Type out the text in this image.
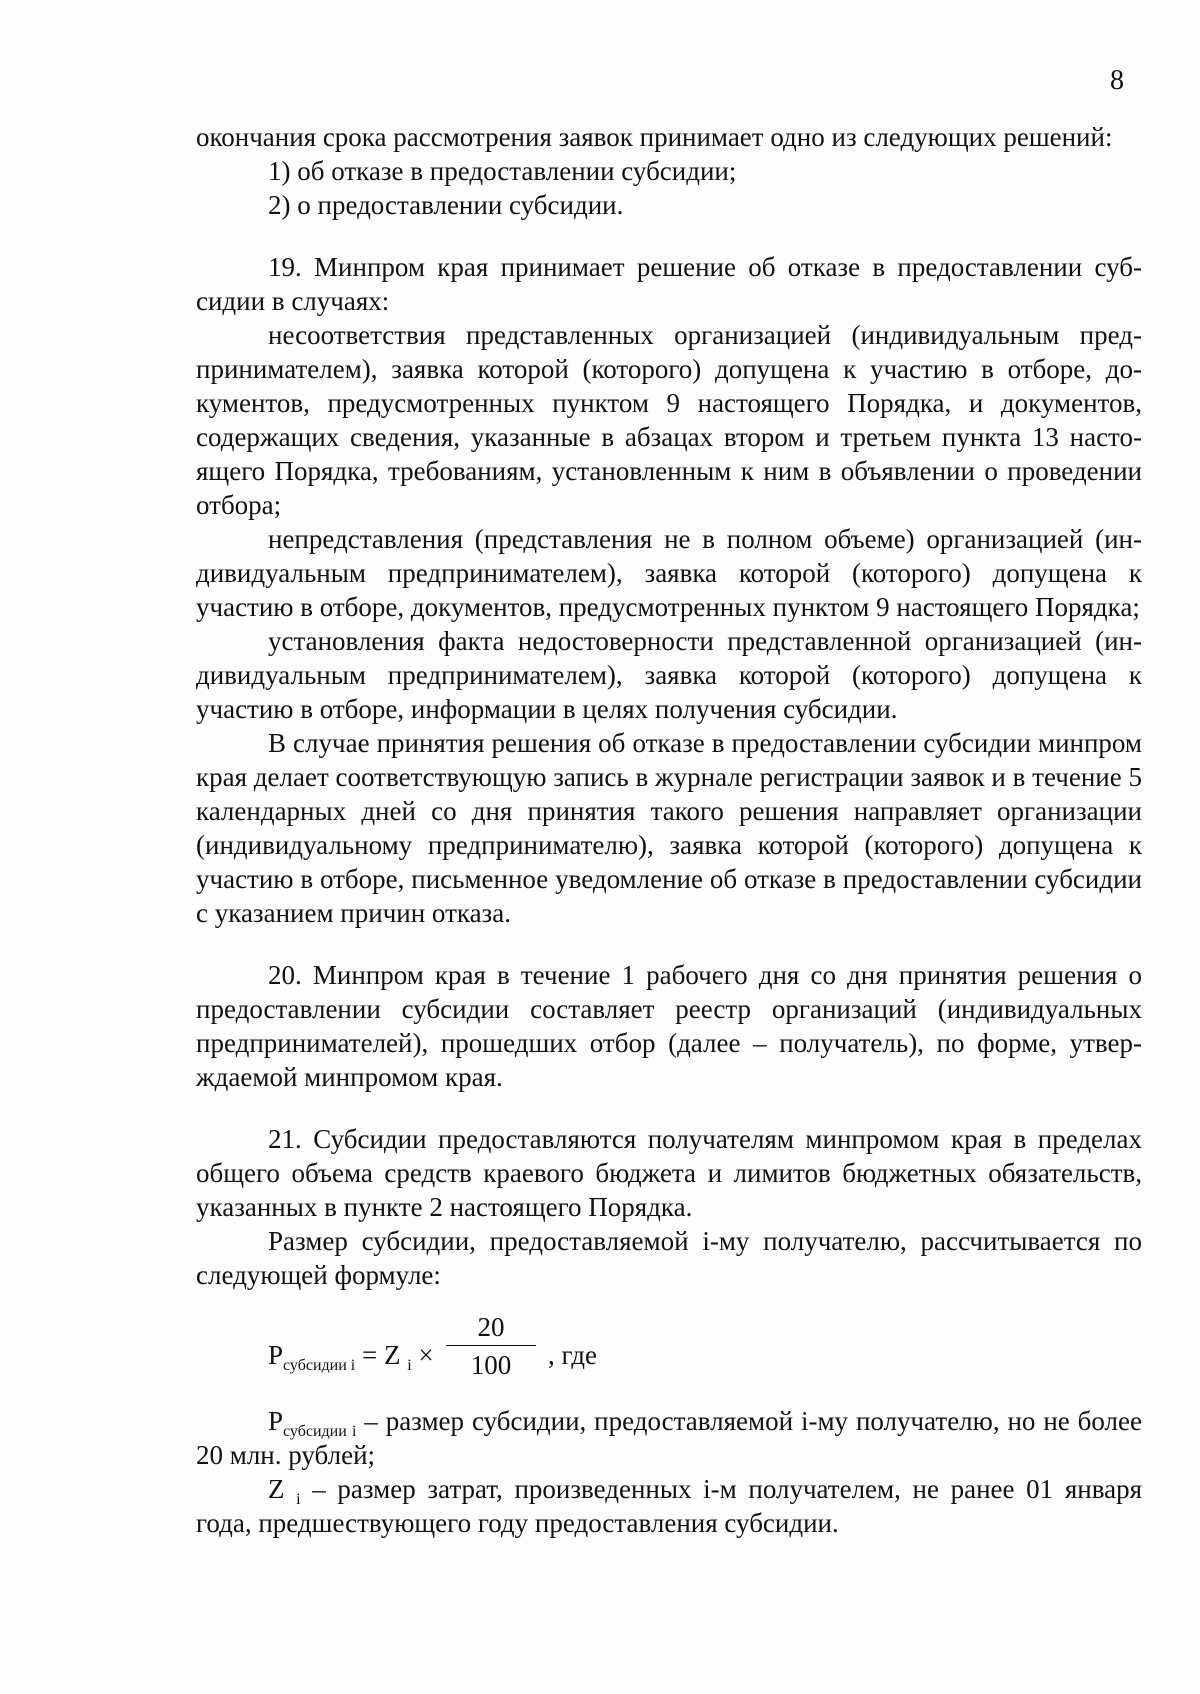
8

окончания срока рассмотрения заявок принимает одно из следующих решений:

1) об отказе в предоставлении субсидии;

2) о предоставлении субсидии.

19. Минпром края принимает решение об отказе в предоставлении субсидии в случаях:

несоответствия представленных организацией (индивидуальным предпринимателем), заявка которой (которого) допущена к участию в отборе, документов, предусмотренных пунктом 9 настоящего Порядка, и документов, содержащих сведения, указанные в абзацах втором и третьем пункта 13 настоящего Порядка, требованиям, установленным к ним в объявлении о проведении отбора;

непредставления (представления не в полном объеме) организацией (индивидуальным предпринимателем), заявка которой (которого) допущена к участию в отборе, документов, предусмотренных пунктом 9 настоящего Порядка;

установления факта недостоверности представленной организацией (индивидуальным предпринимателем), заявка которой (которого) допущена к участию в отборе, информации в целях получения субсидии.

В случае принятия решения об отказе в предоставлении субсидии минпром края делает соответствующую запись в журнале регистрации заявок и в течение 5 календарных дней со дня принятия такого решения направляет организации (индивидуальному предпринимателю), заявка которой (которого) допущена к участию в отборе, письменное уведомление об отказе в предоставлении субсидии с указанием причин отказа.

20. Минпром края в течение 1 рабочего дня со дня принятия решения о предоставлении субсидии составляет реестр организаций (индивидуальных предпринимателей), прошедших отбор (далее – получатель), по форме, утверждаемой минпромом края.

21. Субсидии предоставляются получателям минпромом края в пределах общего объема средств краевого бюджета и лимитов бюджетных обязательств, указанных в пункте 2 настоящего Порядка.

Размер субсидии, предоставляемой i-му получателю, рассчитывается по следующей формуле:

$P_{субсидии i} = Z$ $_i$ ×
20
100	, где

$P_{субсидии i}$ – размер субсидии, предоставляемой i-му получателю, но не более 20 млн. рублей;

Z $_i$ – размер затрат, произведенных i-м получателем, не ранее 01 января года, предшествующего году предоставления субсидии.
